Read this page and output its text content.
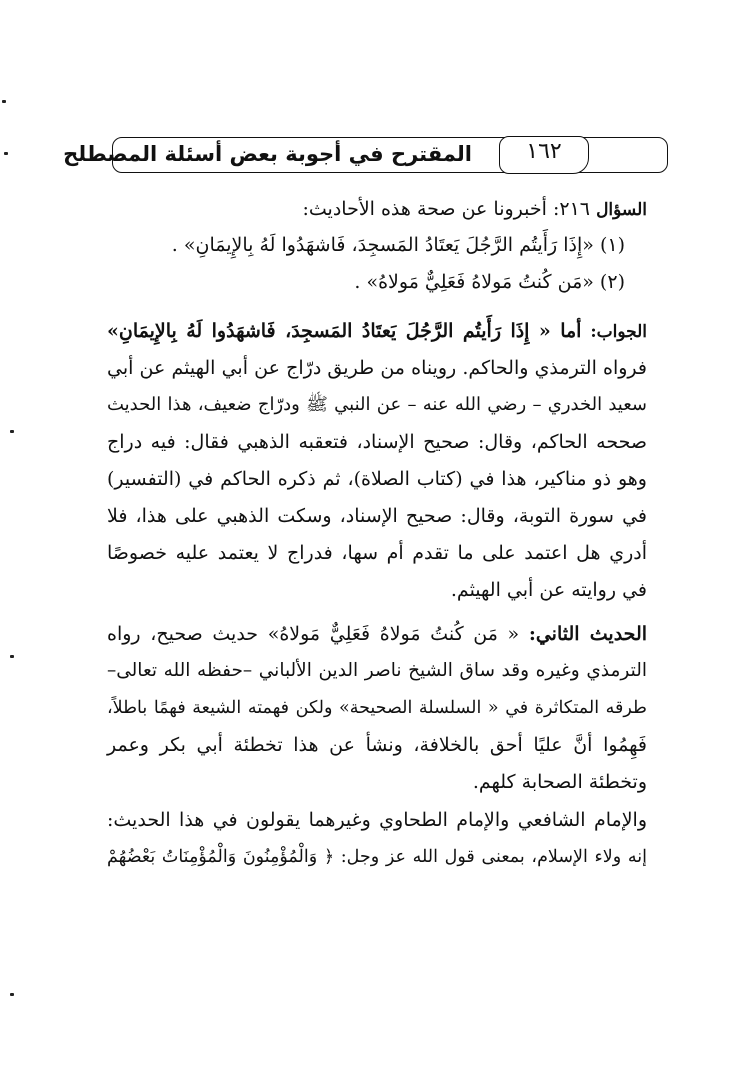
المقترح في أجوبة بعض أسئلة المصطلح	١٦٢
السؤال ٢١٦: أخبرونا عن صحة هذه الأحاديث:
(١) «إِذَا رَأَيتُم الرَّجُلَ يَعتَادُ المَسجِدَ، فَاشهَدُوا لَهُ بِالإِيمَانِ» .
(٢) «مَن كُنتُ مَولاهُ فَعَلِيٌّ مَولاهُ» .
الجواب: أما « إِذَا رَأَيتُم الرَّجُلَ يَعتَادُ المَسجِدَ، فَاشهَدُوا لَهُ بِالإِيمَانِ»
فرواه الترمذي والحاكم. رويناه من طريق درّاج عن أبي الهيثم عن أبي
سعيد الخدري – رضي الله عنه – عن النبي ﷺ ودرّاج ضعيف، هذا الحديث
صححه الحاكم، وقال: صحيح الإسناد، فتعقبه الذهبي فقال: فيه دراج
وهو ذو مناكير، هذا في (كتاب الصلاة)، ثم ذكره الحاكم في (التفسير)
في سورة التوبة، وقال: صحيح الإسناد، وسكت الذهبي على هذا، فلا
أدري هل اعتمد على ما تقدم أم سها، فدراج لا يعتمد عليه خصوصًا
في روايته عن أبي الهيثم.
الحديث الثاني: « مَن كُنتُ مَولاهُ فَعَلِيٌّ مَولاهُ» حديث صحيح، رواه
الترمذي وغيره وقد ساق الشيخ ناصر الدين الألباني –حفظه الله تعالى–
طرقه المتكاثرة في « السلسلة الصحيحة» ولكن فهمته الشيعة فهمًا باطلاً،
فَهِمُوا أنَّ عليًا أحق بالخلافة، ونشأ عن هذا تخطئة أبي بكر وعمر
وتخطئة الصحابة كلهم.
والإمام الشافعي والإمام الطحاوي وغيرهما يقولون في هذا الحديث:
إنه ولاء الإسلام، بمعنى قول الله عز وجل: ﴿ وَالْمُؤْمِنُونَ وَالْمُؤْمِنَاتُ بَعْضُهُمْ
